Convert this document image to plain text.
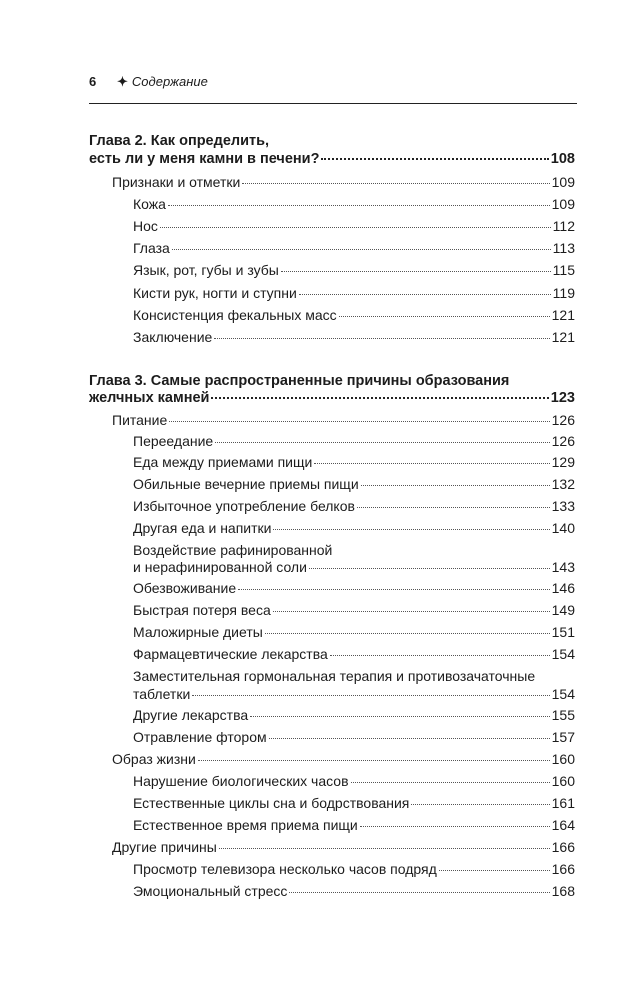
6 ✦ Содержание
Глава 2. Как определить,
есть ли у меня камни в печени?	108
Признаки и отметки	109
Кожа	109
Нос	112
Глаза	113
Язык, рот, губы и зубы	115
Кисти рук, ногти и ступни	119
Консистенция фекальных масс	121
Заключение	121
Глава 3. Самые распространенные причины образования
желчных камней	123
Питание	126
Переедание	126
Еда между приемами пищи	129
Обильные вечерние приемы пищи	132
Избыточное употребление белков	133
Другая еда и напитки	140
Воздействие рафинированной
и нерафинированной соли	143
Обезвоживание	146
Быстрая потеря веса	149
Маложирные диеты	151
Фармацевтические лекарства	154
Заместительная гормональная терапия и противозачаточные
таблетки	154
Другие лекарства	155
Отравление фтором	157
Образ жизни	160
Нарушение биологических часов	160
Естественные циклы сна и бодрствования	161
Естественное время приема пищи	164
Другие причины	166
Просмотр телевизора несколько часов подряд	166
Эмоциональный стресс	168
